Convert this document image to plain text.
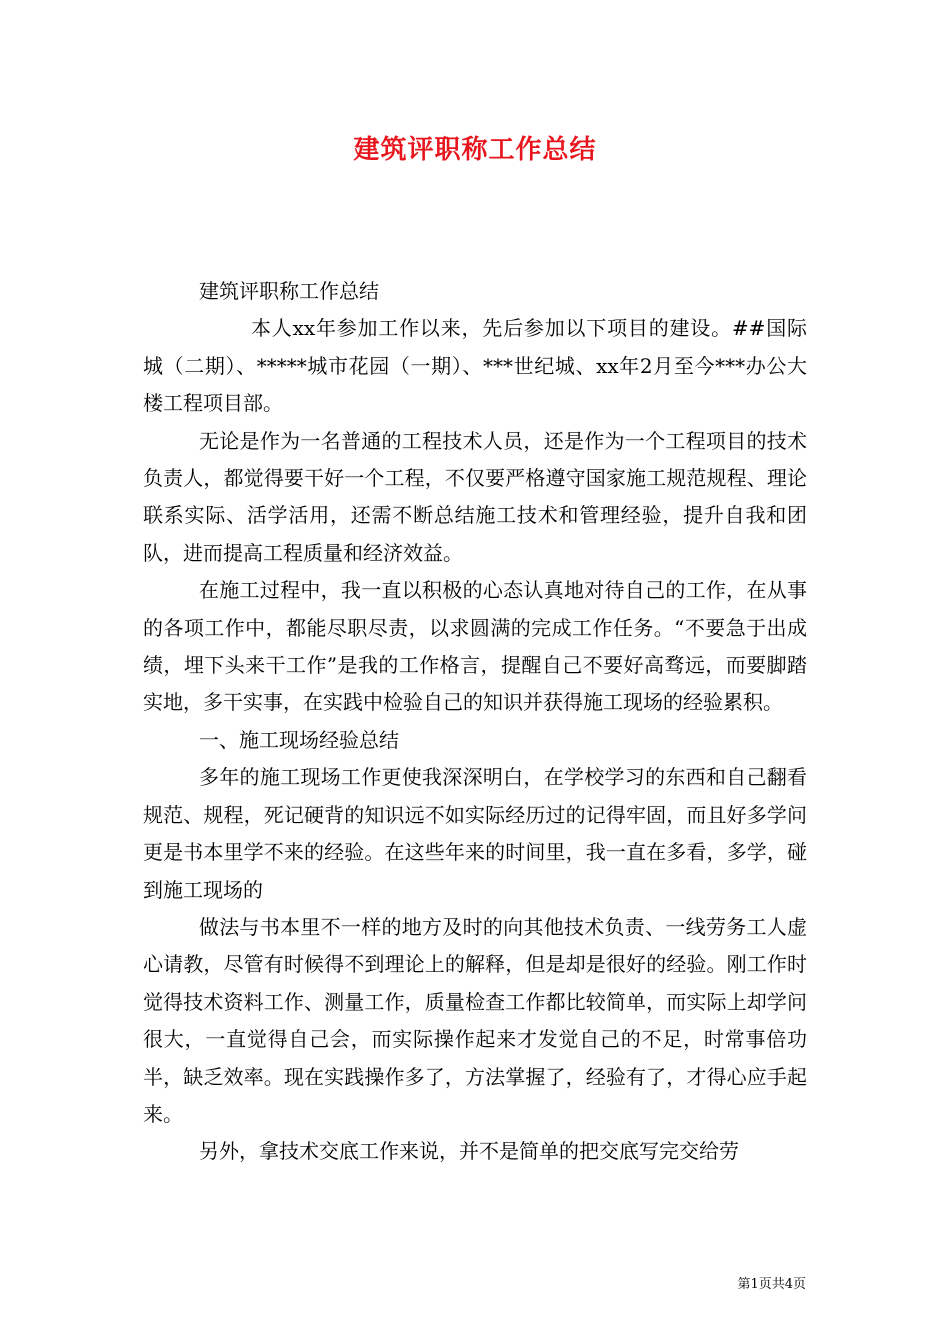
建筑评职称工作总结

建筑评职称工作总结

本人xx年参加工作以来，先后参加以下项目的建设。##国际城（二期）、*****城市花园（一期）、***世纪城、xx年2月至今***办公大楼工程项目部。

无论是作为一名普通的工程技术人员，还是作为一个工程项目的技术负责人，都觉得要干好一个工程，不仅要严格遵守国家施工规范规程、理论联系实际、活学活用，还需不断总结施工技术和管理经验，提升自我和团队，进而提高工程质量和经济效益。

在施工过程中，我一直以积极的心态认真地对待自己的工作，在从事的各项工作中，都能尽职尽责，以求圆满的完成工作任务。“不要急于出成绩，埋下头来干工作”是我的工作格言，提醒自己不要好高骛远，而要脚踏实地，多干实事，在实践中检验自己的知识并获得施工现场的经验累积。

一、施工现场经验总结

多年的施工现场工作更使我深深明白，在学校学习的东西和自己翻看规范、规程，死记硬背的知识远不如实际经历过的记得牢固，而且好多学问更是书本里学不来的经验。在这些年来的时间里，我一直在多看，多学，碰到施工现场的

做法与书本里不一样的地方及时的向其他技术负责、一线劳务工人虚心请教，尽管有时候得不到理论上的解释，但是却是很好的经验。刚工作时觉得技术资料工作、测量工作，质量检查工作都比较简单，而实际上却学问很大，一直觉得自己会，而实际操作起来才发觉自己的不足，时常事倍功半，缺乏效率。现在实践操作多了，方法掌握了，经验有了，才得心应手起来。

另外，拿技术交底工作来说，并不是简单的把交底写完交给劳

第1页共4页
